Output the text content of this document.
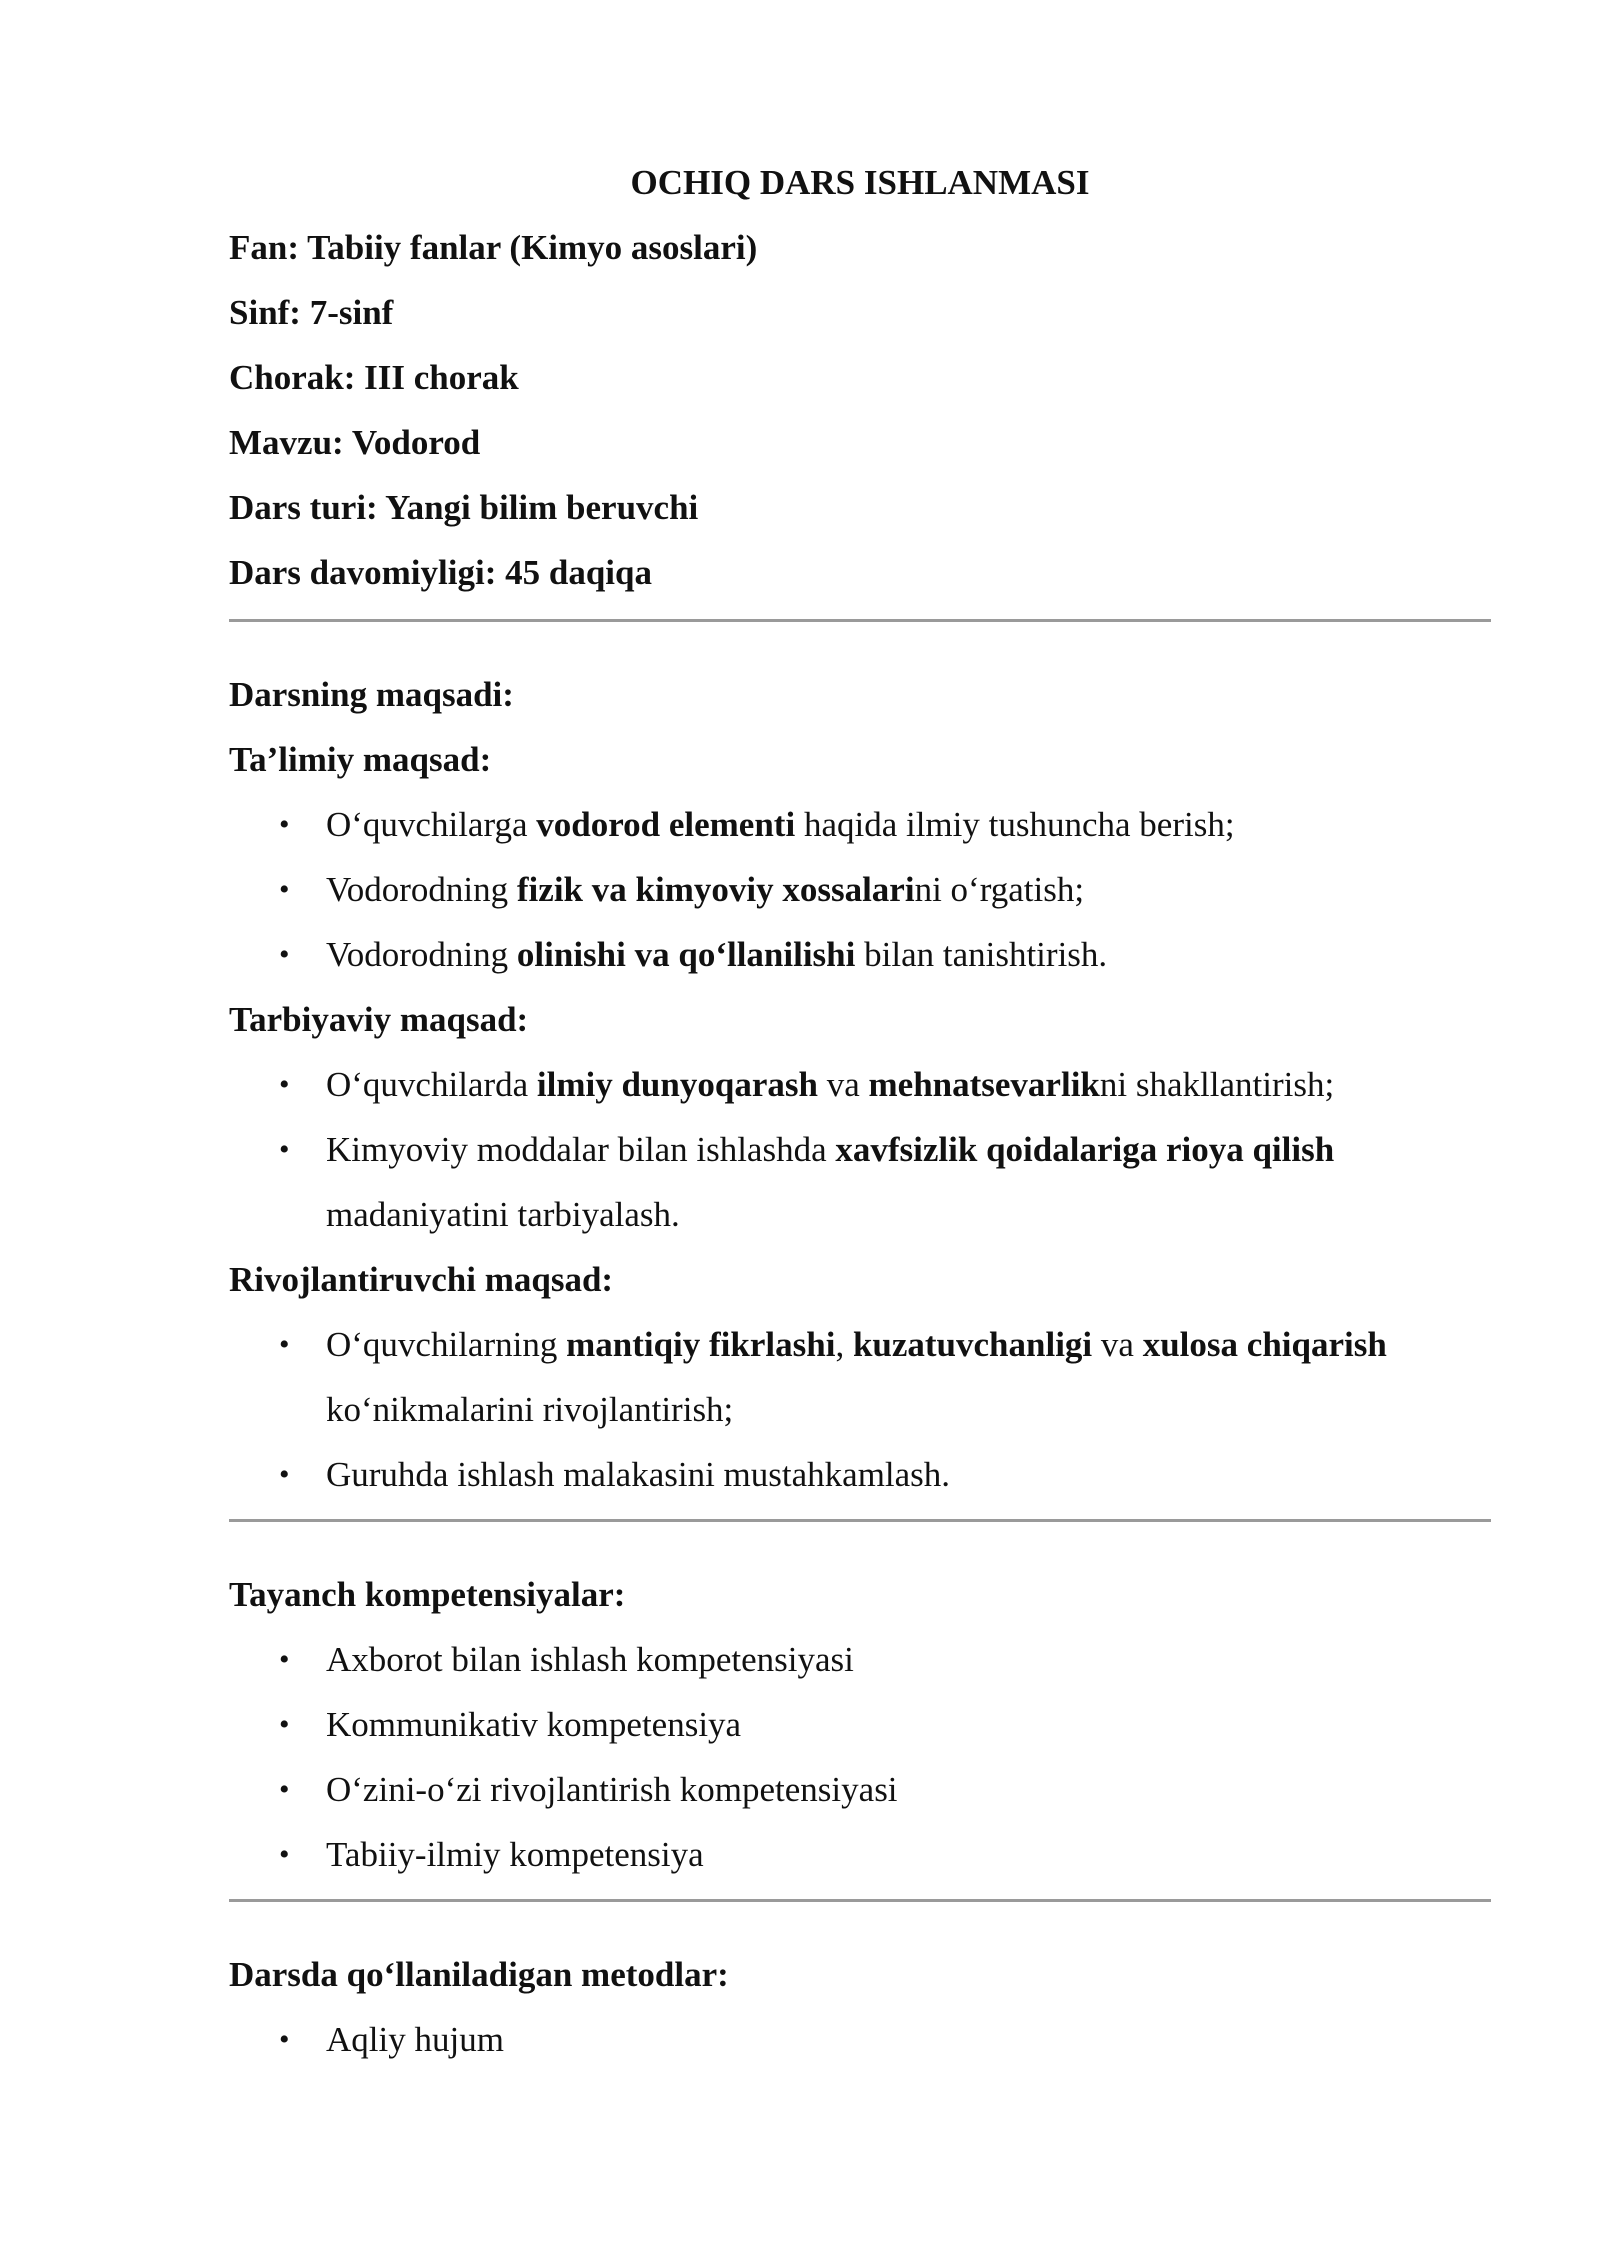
OCHIQ DARS ISHLANMASI

Fan: Tabiiy fanlar (Kimyo asoslari)

Sinf: 7-sinf

Chorak: III chorak

Mavzu: Vodorod

Dars turi: Yangi bilim beruvchi

Dars davomiyligi: 45 daqiqa

Darsning maqsadi:

Ta’limiy maqsad:

• O‘quvchilarga vodorod elementi haqida ilmiy tushuncha berish;
• Vodorodning fizik va kimyoviy xossalarini o‘rgatish;
• Vodorodning olinishi va qo‘llanilishi bilan tanishtirish.

Tarbiyaviy maqsad:

• O‘quvchilarda ilmiy dunyoqarash va mehnatsevarlikni shakllantirish;
• Kimyoviy moddalar bilan ishlashda xavfsizlik qoidalariga rioya qilish madaniyatini tarbiyalash.

Rivojlantiruvchi maqsad:

• O‘quvchilarning mantiqiy fikrlashi, kuzatuvchanligi va xulosa chiqarish ko‘nikmalarini rivojlantirish;
• Guruhda ishlash malakasini mustahkamlash.

Tayanch kompetensiyalar:

• Axborot bilan ishlash kompetensiyasi
• Kommunikativ kompetensiya
• O‘zini-o‘zi rivojlantirish kompetensiyasi
• Tabiiy-ilmiy kompetensiya

Darsda qo‘llaniladigan metodlar:

• Aqliy hujum
